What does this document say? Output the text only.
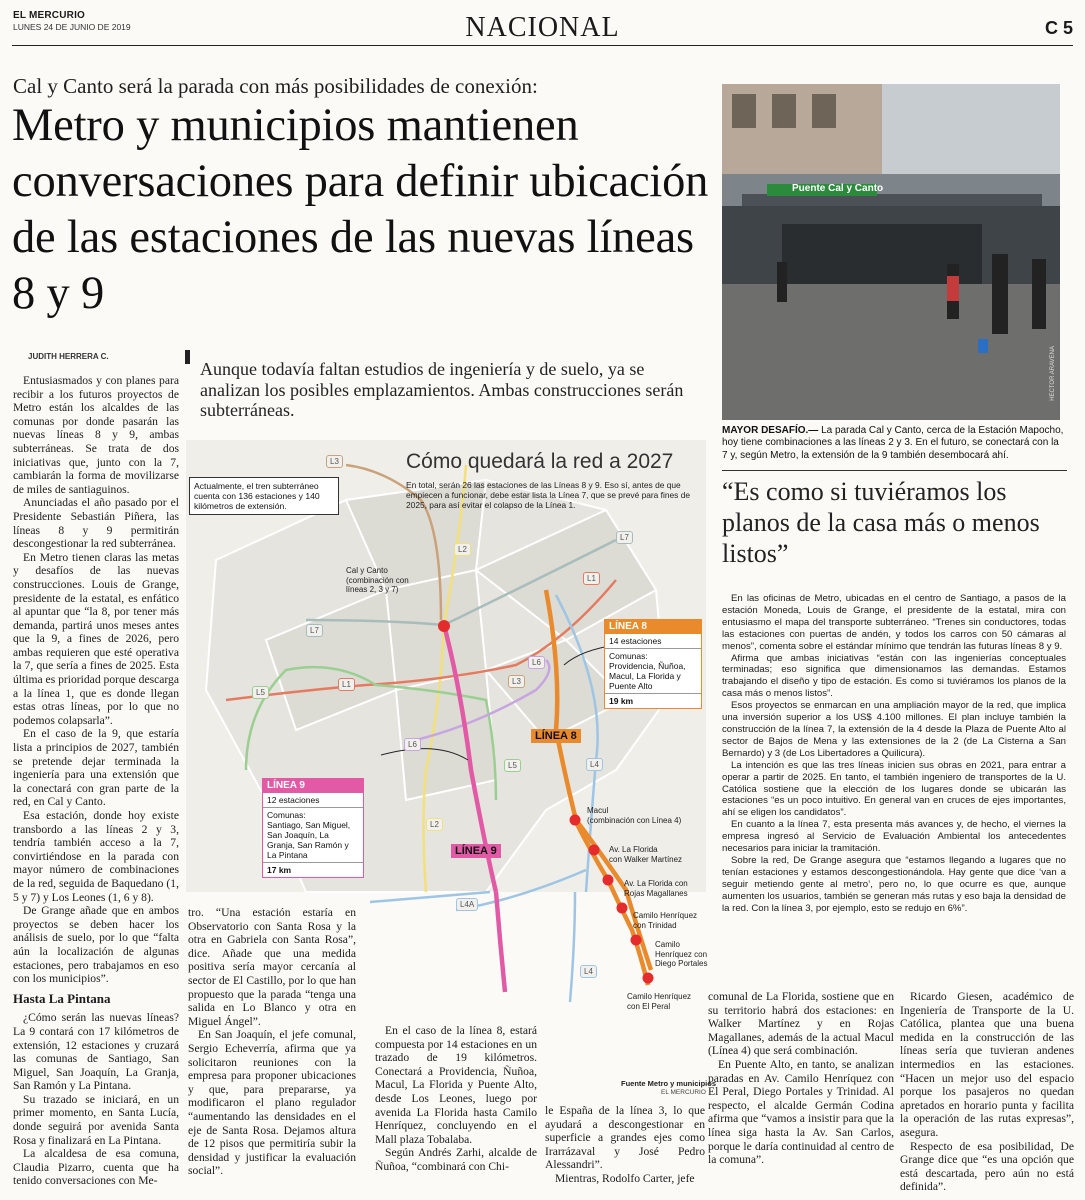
EL MERCURIO
LUNES 24 DE JUNIO DE 2019	NACIONAL	C 5
Cal y Canto será la parada con más posibilidades de conexión:
Metro y municipios mantienen conversaciones para definir ubicación de las estaciones de las nuevas líneas 8 y 9
JUDITH HERRERA C.
Aunque todavía faltan estudios de ingeniería y de suelo, ya se analizan los posibles emplazamientos. Ambas construcciones serán subterráneas.

Entusiasmados y con planes para recibir a los futuros proyectos de Metro están los alcaldes de las comunas por donde pasarán las nuevas líneas 8 y 9, ambas subterráneas. Se trata de dos iniciativas que, junto con la 7, cambiarán la forma de movilizarse de miles de santiaguinos.

Anunciadas el año pasado por el Presidente Sebastián Piñera, las líneas 8 y 9 permitirán descongestionar la red subterránea.

En Metro tienen claras las metas y desafíos de las nuevas construcciones. Louis de Grange, presidente de la estatal, es enfático al apuntar que “la 8, por tener más demanda, partirá unos meses antes que la 9, a fines de 2026, pero ambas requieren que esté operativa la 7, que sería a fines de 2025. Esta última es prioridad porque descarga a la línea 1, que es donde llegan estas otras líneas, por lo que no podemos colapsarla”.

En el caso de la 9, que estaría lista a principios de 2027, también se pretende dejar terminada la ingeniería para una extensión que la conectará con gran parte de la red, en Cal y Canto.

Esa estación, donde hoy existe transbordo a las líneas 2 y 3, tendría también acceso a la 7, convirtiéndose en la parada con mayor número de combinaciones de la red, seguida de Baquedano (1, 5 y 7) y Los Leones (1, 6 y 8).

De Grange añade que en ambos proyectos se deben hacer los análisis de suelo, por lo que “falta aún la localización de algunas estaciones, pero trabajamos en eso con los municipios”.

Hasta La Pintana

¿Cómo serán las nuevas líneas? La 9 contará con 17 kilómetros de extensión, 12 estaciones y cruzará las comunas de Santiago, San Miguel, San Joaquín, La Granja, San Ramón y La Pintana.

Su trazado se iniciará, en un primer momento, en Santa Lucía, donde seguirá por avenida Santa Rosa y finalizará en La Pintana.

La alcaldesa de esa comuna, Claudia Pizarro, cuenta que ha tenido conversaciones con Me-

L3
L2
L7
L1
L7
L6
L3
L1
L5
L6
L5	L4
L2
Cómo quedará la red a 2027
En total, serán 26 las estaciones de las Líneas 8 y 9. Eso sí, antes de que empiecen a funcionar, debe estar lista la Línea 7, que se prevé para fines de 2025, para así evitar el colapso de la Línea 1.
Actualmente, el tren subterráneo cuenta con 136 estaciones y 140 kilómetros de extensión.
Cal y Canto (combinación con líneas 2, 3 y 7)
LÍNEA 8
14 estaciones
Comunas:
Providencia, Ñuñoa, Macul, La Florida y Puente Alto
19 km
LÍNEA 8
LÍNEA 9
12 estaciones
Comunas:
Santiago, San Miguel, San Joaquín, La Granja, San Ramón y La Pintana
17 km
LÍNEA 9
Macul
(combinación con Línea 4)
Av. La Florida
con Walker Martínez
Av. La Florida con
Rojas Magallanes
Camilo Henríquez
con Trinidad
Camilo
Henríquez con Diego Portales
Camilo Henríquez
con El Peral
L4A
L4
Fuente Metro y municipios
EL MERCURIO

tro. “Una estación estaría en Observatorio con Santa Rosa y la otra en Gabriela con Santa Rosa”, dice. Añade que una medida positiva sería mayor cercanía al sector de El Castillo, por lo que han propuesto que la parada “tenga una salida en Lo Blanco y otra en Miguel Ángel”.

En San Joaquín, el jefe comunal, Sergio Echeverría, afirma que ya solicitaron reuniones con la empresa para proponer ubicaciones y que, para prepararse, ya modificaron el plano regulador “aumentando las densidades en el eje de Santa Rosa. Dejamos altura de 12 pisos que permitiría subir la densidad y justificar la evaluación social”.

En el caso de la línea 8, estará compuesta por 14 estaciones en un trazado de 19 kilómetros. Conectará a Providencia, Ñuñoa, Macul, La Florida y Puente Alto, desde Los Leones, luego por avenida La Florida hasta Camilo Henríquez, concluyendo en el Mall plaza Tobalaba.

Según Andrés Zarhi, alcalde de Ñuñoa, “combinará con Chi-

le España de la línea 3, lo que ayudará a descongestionar en superficie a grandes ejes como Irarrázaval y José Pedro Alessandri”.

Mientras, Rodolfo Carter, jefe

comunal de La Florida, sostiene que en su territorio habrá dos estaciones: en Walker Martínez y en Rojas Magallanes, además de la actual Macul (Línea 4) que será combinación.

En Puente Alto, en tanto, se analizan paradas en Av. Camilo Henríquez con El Peral, Diego Portales y Trinidad. Al respecto, el alcalde Germán Codina afirma que “vamos a insistir para que la línea siga hasta la Av. San Carlos, porque le daría continuidad al centro de la comuna”.

Ricardo Giesen, académico de Ingeniería de Transporte de la U. Católica, plantea que una buena medida en la construcción de las líneas sería que tuvieran andenes intermedios en las estaciones. “Hacen un mejor uso del espacio porque los pasajeros no quedan apretados en horario punta y facilita la operación de las rutas expresas”, asegura.

Respecto de esa posibilidad, De Grange dice que “es una opción que está descartada, pero aún no está definida”.

Puente Cal y Canto
HÉCTOR ARAVENA
MAYOR DESAFÍO.— La parada Cal y Canto, cerca de la Estación Mapocho, hoy tiene combinaciones a las líneas 2 y 3. En el futuro, se conectará con la 7 y, según Metro, la extensión de la 9 también desembocará ahí.
“Es como si tuviéramos los planos de la casa más o menos listos”

En las oficinas de Metro, ubicadas en el centro de Santiago, a pasos de la estación Moneda, Louis de Grange, el presidente de la estatal, mira con entusiasmo el mapa del transporte subterráneo. “Trenes sin conductores, todas las estaciones con puertas de andén, y todos los carros con 50 cámaras al menos”, comenta sobre el estándar mínimo que tendrán las futuras líneas 8 y 9.

Afirma que ambas iniciativas “están con las ingenierías conceptuales terminadas; eso significa que dimensionamos las demandas. Estamos trabajando el diseño y tipo de estación. Es como si tuviéramos los planos de la casa más o menos listos”.

Esos proyectos se enmarcan en una ampliación mayor de la red, que implica una inversión superior a los US$ 4.100 millones. El plan incluye también la construcción de la línea 7, la extensión de la 4 desde la Plaza de Puente Alto al sector de Bajos de Mena y las extensiones de la 2 (de La Cisterna a San Bernardo) y 3 (de Los Libertadores a Quilicura).

La intención es que las tres líneas inicien sus obras en 2021, para entrar a operar a partir de 2025. En tanto, el también ingeniero de transportes de la U. Católica sostiene que la elección de los lugares donde se ubicarán las estaciones “es un poco intuitivo. En general van en cruces de ejes importantes, ahí se eligen los candidatos”.

En cuanto a la línea 7, esta presenta más avances y, de hecho, el viernes la empresa ingresó al Servicio de Evaluación Ambiental los antecedentes necesarios para iniciar la tramitación.

Sobre la red, De Grange asegura que “estamos llegando a lugares que no tenían estaciones y estamos descongestionándola. Hay gente que dice ‘van a seguir metiendo gente al metro’, pero no, lo que ocurre es que, aunque aumenten los usuarios, también se generan más rutas y eso baja la densidad de la red. Con la línea 3, por ejemplo, esto se redujo en 6%”.
